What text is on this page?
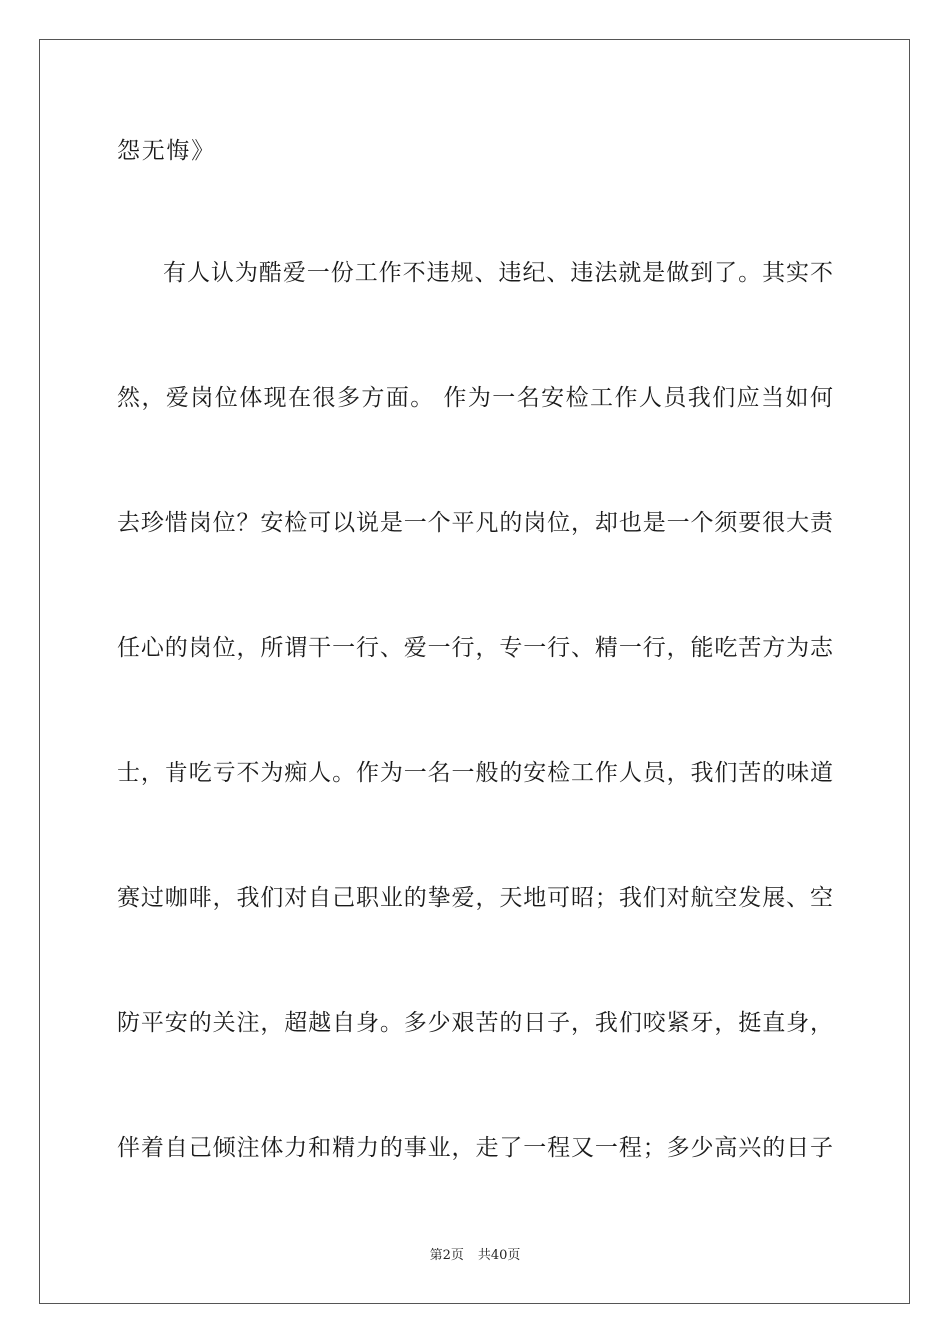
怨无悔》
有人认为酷爱一份工作不违规、违纪、违法就是做到了。其实不
然，爱岗位体现在很多方面。 作为一名安检工作人员我们应当如何
去珍惜岗位？安检可以说是一个平凡的岗位，却也是一个须要很大责
任心的岗位，所谓干一行、爱一行，专一行、精一行，能吃苦方为志
士，肯吃亏不为痴人。作为一名一般的安检工作人员，我们苦的味道
赛过咖啡，我们对自己职业的挚爱，天地可昭；我们对航空发展、空
防平安的关注，超越自身。多少艰苦的日子，我们咬紧牙，挺直身，
伴着自己倾注体力和精力的事业，走了一程又一程；多少高兴的日子
第2页 共40页
